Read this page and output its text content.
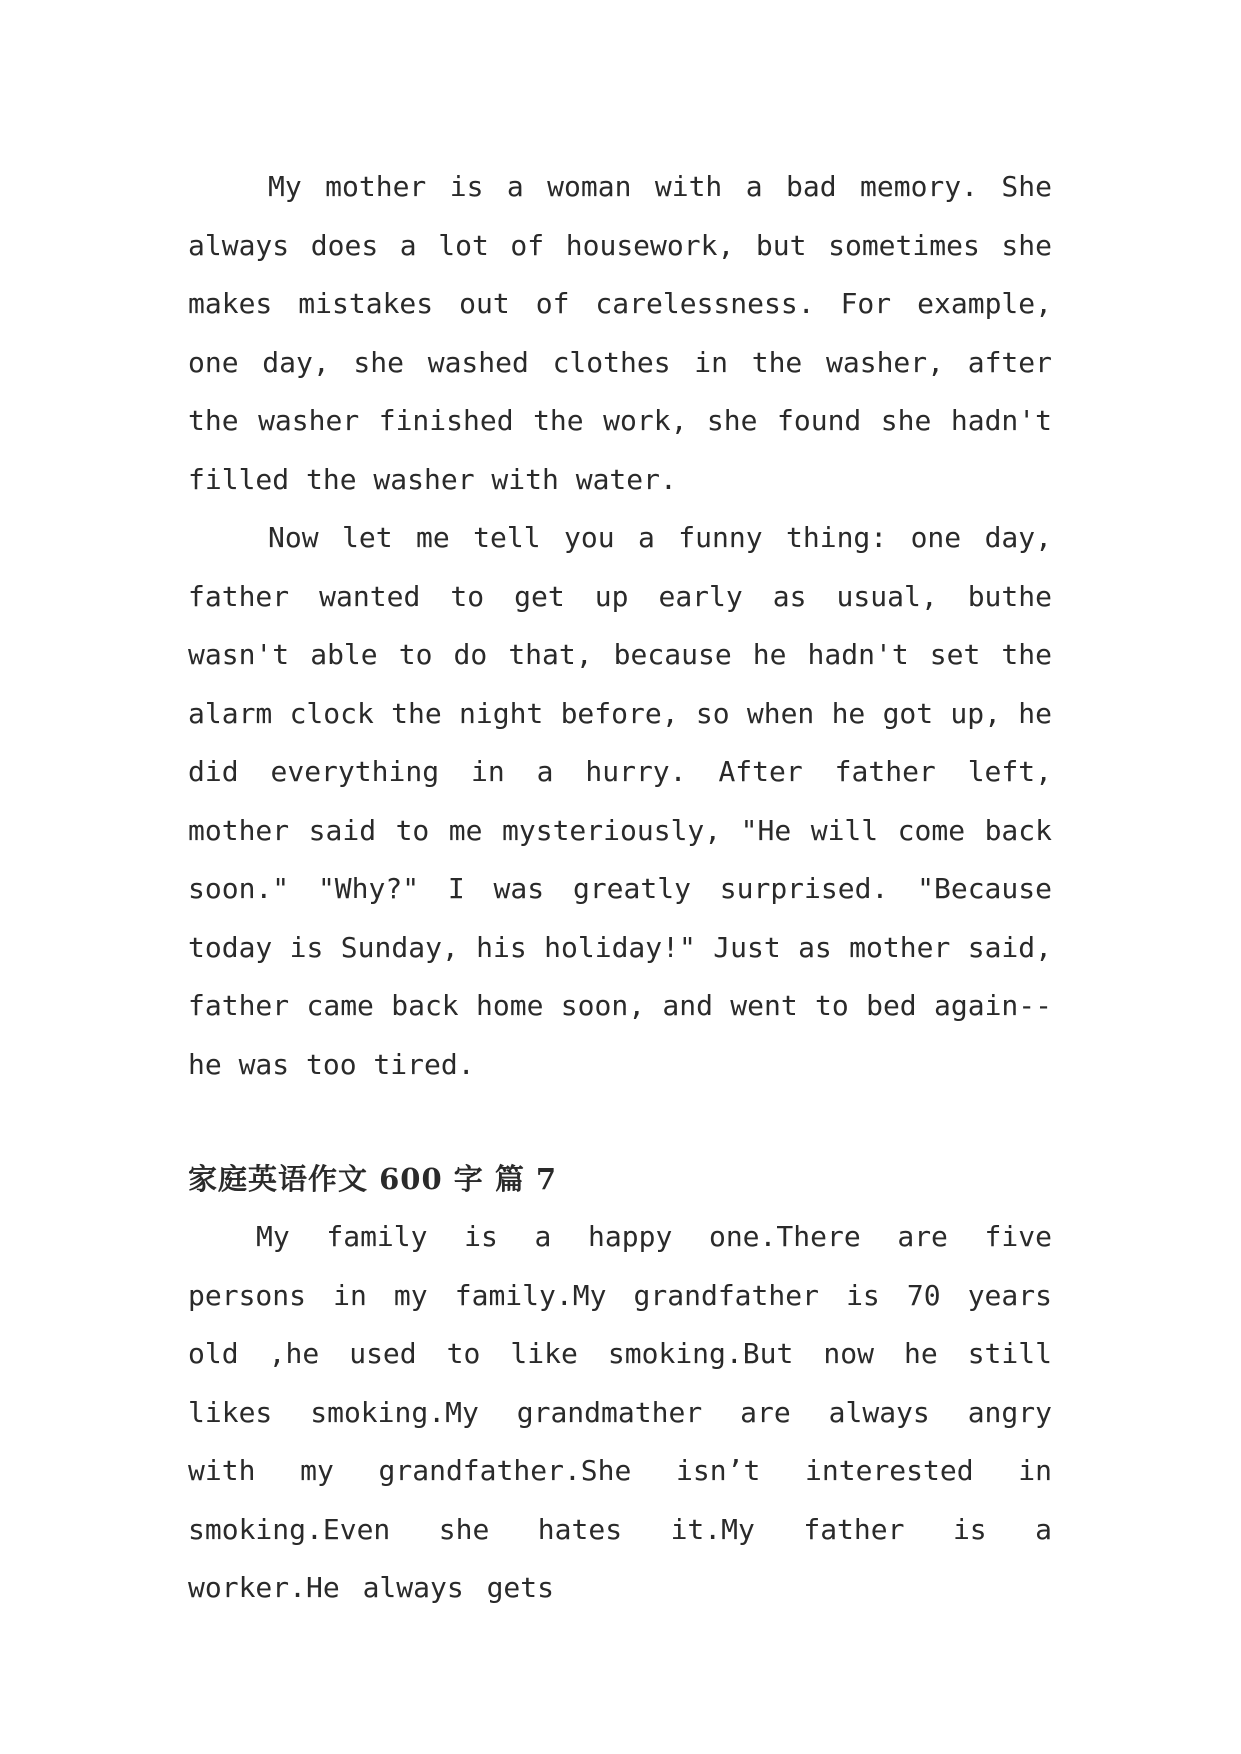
My mother is a woman with a bad memory. She always does a lot of housework, but sometimes she makes mistakes out of carelessness. For example, one day, she washed clothes in the washer, after the washer finished the work, she found she hadn't filled the washer with water.

Now let me tell you a funny thing: one day, father wanted to get up early as usual, buthe wasn't able to do that, because he hadn't set the alarm clock the night before, so when he got up, he did everything in a hurry. After father left, mother said to me mysteriously, "He will come back soon." "Why?" I was greatly surprised. "Because today is Sunday, his holiday!" Just as mother said, father came back home soon, and went to bed again--he was too tired.

家庭英语作文 600 字 篇 7

My family is a happy one.There are five persons in my family.My grandfather is 70 years old ,he used to like smoking.But now he still likes smoking.My grandmather are always angry with my grandfather.She isn’t interested in smoking.Even she hates it.My father is a worker.He always gets
